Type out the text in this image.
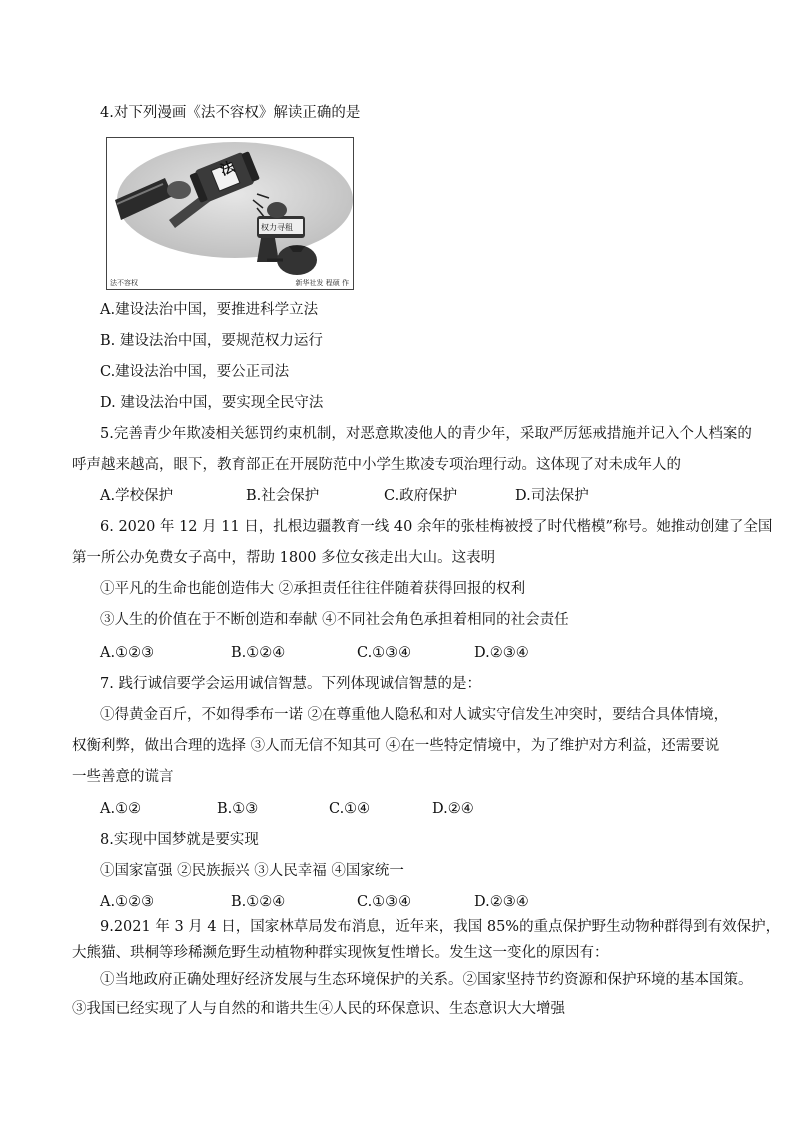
4.对下列漫画《法不容权》解读正确的是
法
权力寻租
法不容权	新华社发 程硕 作
A.建设法治中国，要推进科学立法
B. 建设法治中国，要规范权力运行
C.建设法治中国，要公正司法
D. 建设法治中国，要实现全民守法
5.完善青少年欺凌相关惩罚约束机制，对恶意欺凌他人的青少年，采取严厉惩戒措施并记入个人档案的
呼声越来越高，眼下，教育部正在开展防范中小学生欺凌专项治理行动。这体现了对未成年人的
A.学校保护	B.社会保护	C.政府保护	D.司法保护
6. 2020 年 12 月 11 日，扎根边疆教育一线 40 余年的张桂梅被授了时代楷模”称号。她推动创建了全国
第一所公办免费女子高中，帮助 1800 多位女孩走出大山。这表明
①平凡的生命也能创造伟大 ②承担责任往往伴随着获得回报的权利
③人生的价值在于不断创造和奉献 ④不同社会角色承担着相同的社会责任
A.①②③	B.①②④	C.①③④	D.②③④
7. 践行诚信要学会运用诚信智慧。下列体现诚信智慧的是：
①得黄金百斤，不如得季布一诺 ②在尊重他人隐私和对人诚实守信发生冲突时，要结合具体情境，
权衡利弊，做出合理的选择 ③人而无信不知其可 ④在一些特定情境中，为了维护对方利益，还需要说
一些善意的谎言
A.①②	B.①③	C.①④	D.②④
8.实现中国梦就是要实现
①国家富强 ②民族振兴 ③人民幸福 ④国家统一
A.①②③	B.①②④	C.①③④	D.②③④
9.2021 年 3 月 4 日，国家林草局发布消息，近年来，我国 85%的重点保护野生动物种群得到有效保护，
大熊猫、珙桐等珍稀濒危野生动植物种群实现恢复性增长。发生这一变化的原因有：
①当地政府正确处理好经济发展与生态环境保护的关系。②国家坚持节约资源和保护环境的基本国策。
③我国已经实现了人与自然的和谐共生④人民的环保意识、生态意识大大增强
